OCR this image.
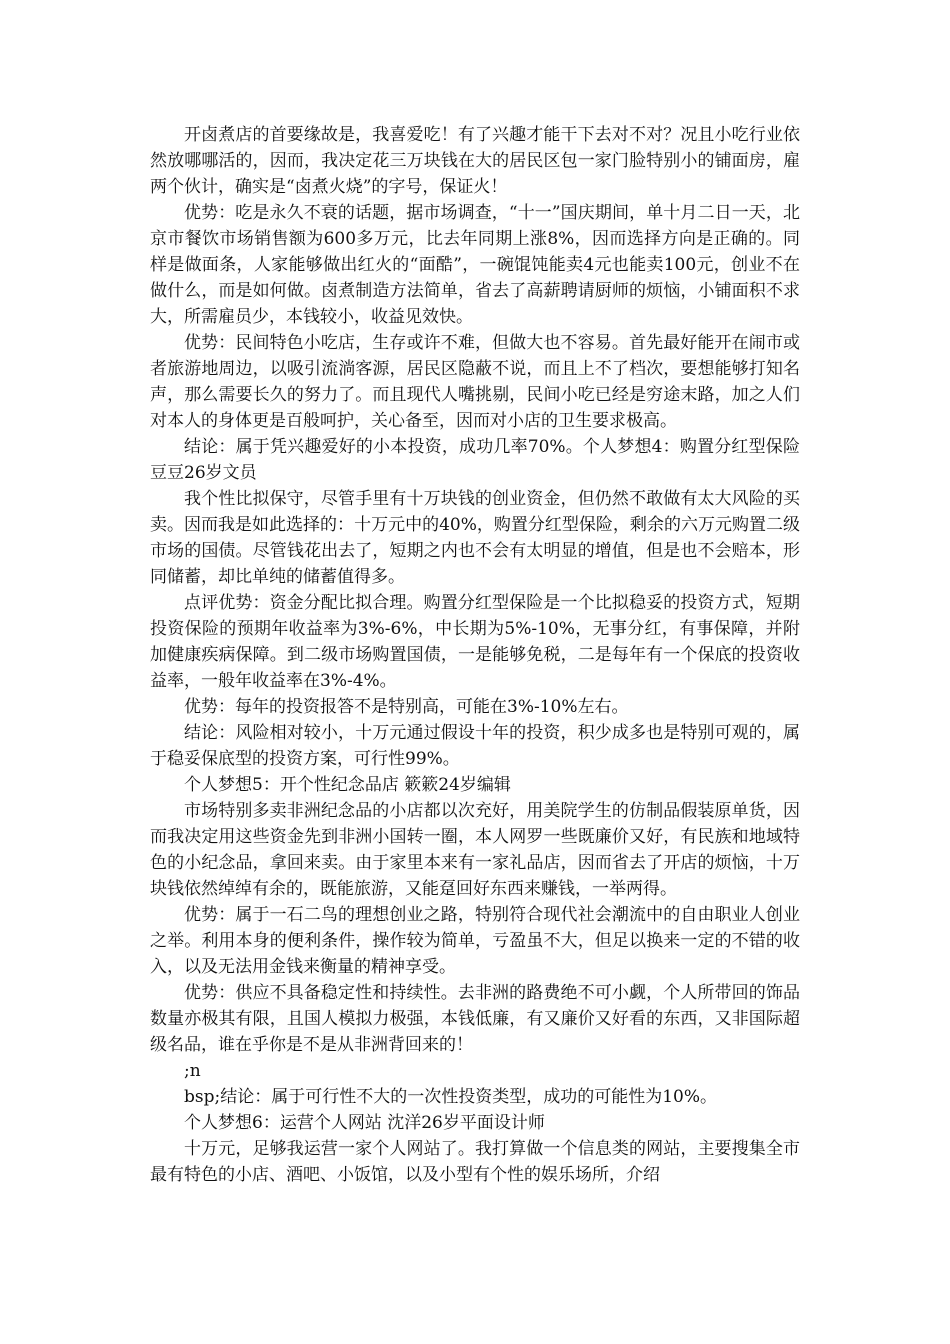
开卤煮店的首要缘故是，我喜爱吃！有了兴趣才能干下去对不对？况且小吃行业依然放哪哪活的，因而，我决定花三万块钱在大的居民区包一家门脸特别小的铺面房，雇两个伙计，确实是“卤煮火烧”的字号，保证火！

优势：吃是永久不衰的话题，据市场调查，“十一”国庆期间，单十月二日一天，北京市餐饮市场销售额为600多万元，比去年同期上涨8%，因而选择方向是正确的。同样是做面条，人家能够做出红火的“面酷”，一碗馄饨能卖4元也能卖100元，创业不在做什么，而是如何做。卤煮制造方法简单，省去了高薪聘请厨师的烦恼，小铺面积不求大，所需雇员少，本钱较小，收益见效快。

优势：民间特色小吃店，生存或许不难，但做大也不容易。首先最好能开在闹市或者旅游地周边，以吸引流淌客源，居民区隐蔽不说，而且上不了档次，要想能够打知名声，那么需要长久的努力了。而且现代人嘴挑剔，民间小吃已经是穷途末路，加之人们对本人的身体更是百般呵护，关心备至，因而对小店的卫生要求极高。

结论：属于凭兴趣爱好的小本投资，成功几率70%。个人梦想4：购置分红型保险 豆豆26岁文员

我个性比拟保守，尽管手里有十万块钱的创业资金，但仍然不敢做有太大风险的买卖。因而我是如此选择的：十万元中的40%，购置分红型保险，剩余的六万元购置二级市场的国债。尽管钱花出去了，短期之内也不会有太明显的增值，但是也不会赔本，形同储蓄，却比单纯的储蓄值得多。

点评优势：资金分配比拟合理。购置分红型保险是一个比拟稳妥的投资方式，短期投资保险的预期年收益率为3%-6%，中长期为5%-10%，无事分红，有事保障，并附加健康疾病保障。到二级市场购置国债，一是能够免税，二是每年有一个保底的投资收益率，一般年收益率在3%-4%。

优势：每年的投资报答不是特别高，可能在3%-10%左右。

结论：风险相对较小，十万元通过假设十年的投资，积少成多也是特别可观的，属于稳妥保底型的投资方案，可行性99%。

个人梦想5：开个性纪念品店 簌簌24岁编辑

市场特别多卖非洲纪念品的小店都以次充好，用美院学生的仿制品假装原单货，因而我决定用这些资金先到非洲小国转一圈，本人网罗一些既廉价又好，有民族和地域特色的小纪念品，拿回来卖。由于家里本来有一家礼品店，因而省去了开店的烦恼，十万块钱依然绰绰有余的，既能旅游，又能趸回好东西来赚钱，一举两得。

优势：属于一石二鸟的理想创业之路，特别符合现代社会潮流中的自由职业人创业之举。利用本身的便利条件，操作较为简单，亏盈虽不大，但足以换来一定的不错的收入，以及无法用金钱来衡量的精神享受。

优势：供应不具备稳定性和持续性。去非洲的路费绝不可小觑，个人所带回的饰品数量亦极其有限，且国人模拟力极强，本钱低廉，有又廉价又好看的东西，又非国际超级名品，谁在乎你是不是从非洲背回来的！

;n

bsp;结论：属于可行性不大的一次性投资类型，成功的可能性为10%。

个人梦想6：运营个人网站 沈洋26岁平面设计师

十万元，足够我运营一家个人网站了。我打算做一个信息类的网站，主要搜集全市最有特色的小店、酒吧、小饭馆，以及小型有个性的娱乐场所，介绍
